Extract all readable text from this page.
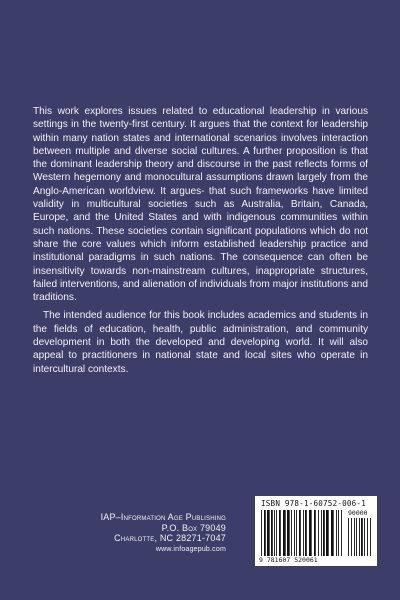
This work explores issues related to educational leadership in various settings in the twenty-first century. It argues that the context for leadership within many nation states and international scenarios involves interaction between multiple and diverse social cultures. A further proposition is that the dominant leadership theory and discourse in the past reflects forms of Western hegemony and monocultural assumptions drawn largely from the Anglo-American worldview. It argues- that such frameworks have limited validity in multicultural societies such as Australia, Britain, Canada, Europe, and the United States and with indigenous communities within such nations. These societies contain significant populations which do not share the core values which inform established leadership practice and institutional paradigms in such nations. The consequence can often be insensitivity towards non-mainstream cultures, inappropriate structures, failed interventions, and alienation of individuals from major institutions and traditions.

The intended audience for this book includes academics and students in the fields of education, health, public administration, and community development in both the developed and developing world. It will also appeal to practitioners in national state and local sites who operate in intercultural contexts.

IAP–Information Age Publishing
P.O. Box 79049
Charlotte, NC 28271-7047
www.infoagepub.com
ISBN 978-1-60752-006-1
90000
9 781607 520061
